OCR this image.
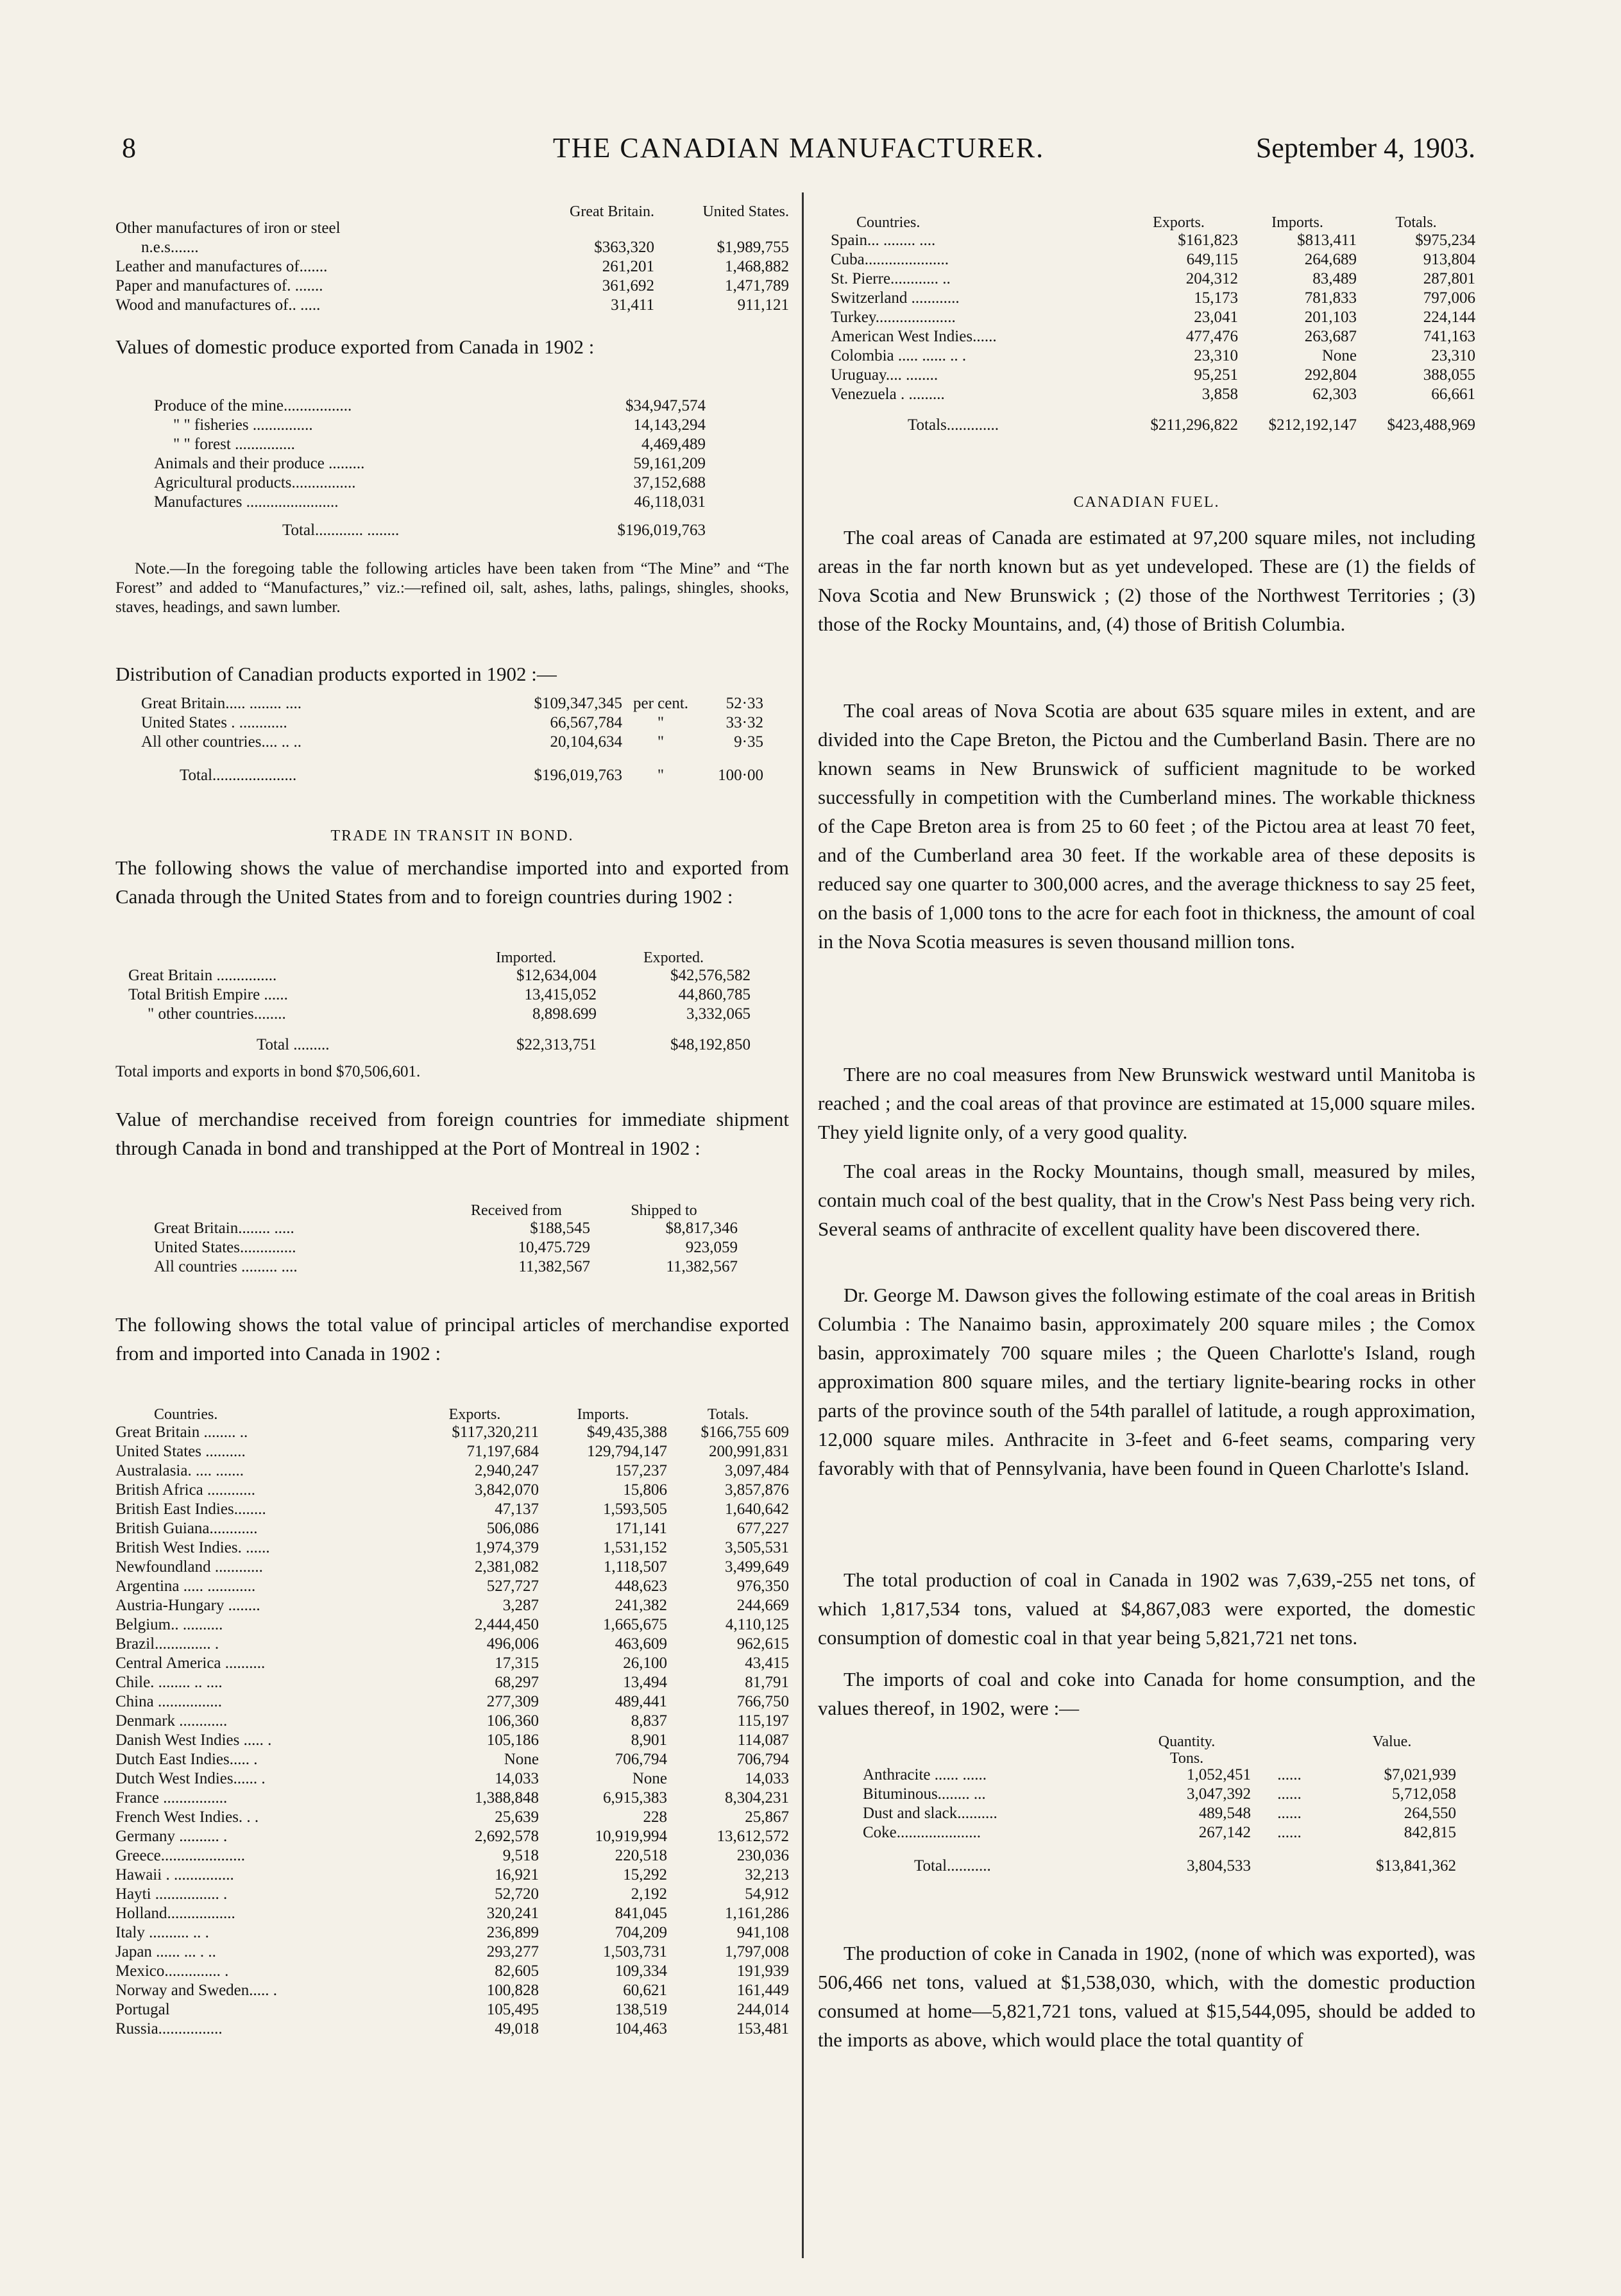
8	THE CANADIAN MANUFACTURER.	September 4, 1903.
Great Britain.	United States.
Other manufactures of iron or steel
n.e.s.......	$363,320	$1,989,755
Leather and manufactures of.......	261,201	1,468,882
Paper and manufactures of. .......	361,692	1,471,789
Wood and manufactures of.. .....	31,411	911,121

Values of domestic produce exported from Canada in 1902 :

Produce of the mine.................	$34,947,574
" " fisheries ...............	14,143,294
" " forest ...............	4,469,489
Animals and their produce .........	59,161,209
Agricultural products................	37,152,688
Manufactures .......................	46,118,031
Total............ ........	$196,019,763

Note.—In the foregoing table the following articles have been taken from “The Mine” and “The Forest” and added to “Manufactures,” viz.:—refined oil, salt, ashes, laths, palings, shingles, shooks, staves, headings, and sawn lumber.

Distribution of Canadian products exported in 1902 :—

Great Britain..... ........ ....	$109,347,345 per cent.	52·33
United States . ............	66,567,784	"	33·32
All other countries.... .. ..	20,104,634	"	9·35
Total.....................	$196,019,763	"	100·00
TRADE IN TRANSIT IN BOND.

The following shows the value of merchandise imported into and exported from Canada through the United States from and to foreign countries during 1902 :

Imported.	Exported.
Great Britain ...............	$12,634,004	$42,576,582
Total British Empire ......	13,415,052	44,860,785
" other countries........	8,898.699	3,332,065
Total .........	$22,313,751	$48,192,850
Total imports and exports in bond $70,506,601.

Value of merchandise received from foreign countries for immediate shipment through Canada in bond and transhipped at the Port of Montreal in 1902 :

Received from	Shipped to
Great Britain........ .....	$188,545	$8,817,346
United States..............	10,475.729	923,059
All countries ......... ....	11,382,567	11,382,567

The following shows the total value of principal articles of merchandise exported from and imported into Canada in 1902 :

Countries.	Exports.	Imports.	Totals.
Great Britain ........ ..	$117,320,211	$49,435,388	$166,755 609
United States ..........	71,197,684	129,794,147	200,991,831
Australasia. .... .......	2,940,247	157,237	3,097,484
British Africa ............	3,842,070	15,806	3,857,876
British East Indies........	47,137	1,593,505	1,640,642
British Guiana............	506,086	171,141	677,227
British West Indies. ......	1,974,379	1,531,152	3,505,531
Newfoundland ............	2,381,082	1,118,507	3,499,649
Argentina ..... ............	527,727	448,623	976,350
Austria-Hungary ........	3,287	241,382	244,669
Belgium.. ..........	2,444,450	1,665,675	4,110,125
Brazil.............. .	496,006	463,609	962,615
Central America ..........	17,315	26,100	43,415
Chile. ........ .. ....	68,297	13,494	81,791
China ................	277,309	489,441	766,750
Denmark ............	106,360	8,837	115,197
Danish West Indies ..... .	105,186	8,901	114,087
Dutch East Indies..... .	None	706,794	706,794
Dutch West Indies...... .	14,033	None	14,033
France ................	1,388,848	6,915,383	8,304,231
French West Indies. . .	25,639	228	25,867
Germany .......... .	2,692,578	10,919,994	13,612,572
Greece.....................	9,518	220,518	230,036
Hawaii . ...............	16,921	15,292	32,213
Hayti ................ .	52,720	2,192	54,912
Holland.................	320,241	841,045	1,161,286
Italy .......... .. .	236,899	704,209	941,108
Japan ...... ... . ..	293,277	1,503,731	1,797,008
Mexico.............. .	82,605	109,334	191,939
Norway and Sweden..... .	100,828	60,621	161,449
Portugal	105,495	138,519	244,014
Russia................	49,018	104,463	153,481
Countries.	Exports.	Imports.	Totals.
Spain... ........ ....	$161,823	$813,411	$975,234
Cuba.....................	649,115	264,689	913,804
St. Pierre............ ..	204,312	83,489	287,801
Switzerland ............	15,173	781,833	797,006
Turkey....................	23,041	201,103	224,144
American West Indies......	477,476	263,687	741,163
Colombia ..... ...... .. .	23,310	None	23,310
Uruguay.... ........	95,251	292,804	388,055
Venezuela . .........	3,858	62,303	66,661
Totals.............	$211,296,822	$212,192,147	$423,488,969
CANADIAN FUEL.

The coal areas of Canada are estimated at 97,200 square miles, not including areas in the far north known but as yet undeveloped. These are (1) the fields of Nova Scotia and New Brunswick ; (2) those of the Northwest Territories ; (3) those of the Rocky Mountains, and, (4) those of British Columbia.

The coal areas of Nova Scotia are about 635 square miles in extent, and are divided into the Cape Breton, the Pictou and the Cumberland Basin. There are no known seams in New Brunswick of sufficient magnitude to be worked successfully in competition with the Cumberland mines. The workable thickness of the Cape Breton area is from 25 to 60 feet ; of the Pictou area at least 70 feet, and of the Cumberland area 30 feet. If the workable area of these deposits is reduced say one quarter to 300,000 acres, and the average thickness to say 25 feet, on the basis of 1,000 tons to the acre for each foot in thickness, the amount of coal in the Nova Scotia measures is seven thousand million tons.

There are no coal measures from New Brunswick westward until Manitoba is reached ; and the coal areas of that province are estimated at 15,000 square miles. They yield lignite only, of a very good quality.

The coal areas in the Rocky Mountains, though small, measured by miles, contain much coal of the best quality, that in the Crow's Nest Pass being very rich. Several seams of anthracite of excellent quality have been discovered there.

Dr. George M. Dawson gives the following estimate of the coal areas in British Columbia : The Nanaimo basin, approximately 200 square miles ; the Comox basin, approximately 700 square miles ; the Queen Charlotte's Island, rough approximation 800 square miles, and the tertiary lignite-bearing rocks in other parts of the province south of the 54th parallel of latitude, a rough approximation, 12,000 square miles. Anthracite in 3-feet and 6-feet seams, comparing very favorably with that of Pennsylvania, have been found in Queen Charlotte's Island.

The total production of coal in Canada in 1902 was 7,639,-255 net tons, of which 1,817,534 tons, valued at $4,867,083 were exported, the domestic consumption of domestic coal in that year being 5,821,721 net tons.

The imports of coal and coke into Canada for home consumption, and the values thereof, in 1902, were :—

Quantity.	Value.
Tons.
Anthracite ...... ......	1,052,451	......	$7,021,939
Bituminous........ ...	3,047,392	......	5,712,058
Dust and slack..........	489,548	......	264,550
Coke.....................	267,142	......	842,815
Total...........	3,804,533	$13,841,362

The production of coke in Canada in 1902, (none of which was exported), was 506,466 net tons, valued at $1,538,030, which, with the domestic production consumed at home—5,821,721 tons, valued at $15,544,095, should be added to the imports as above, which would place the total quantity of
